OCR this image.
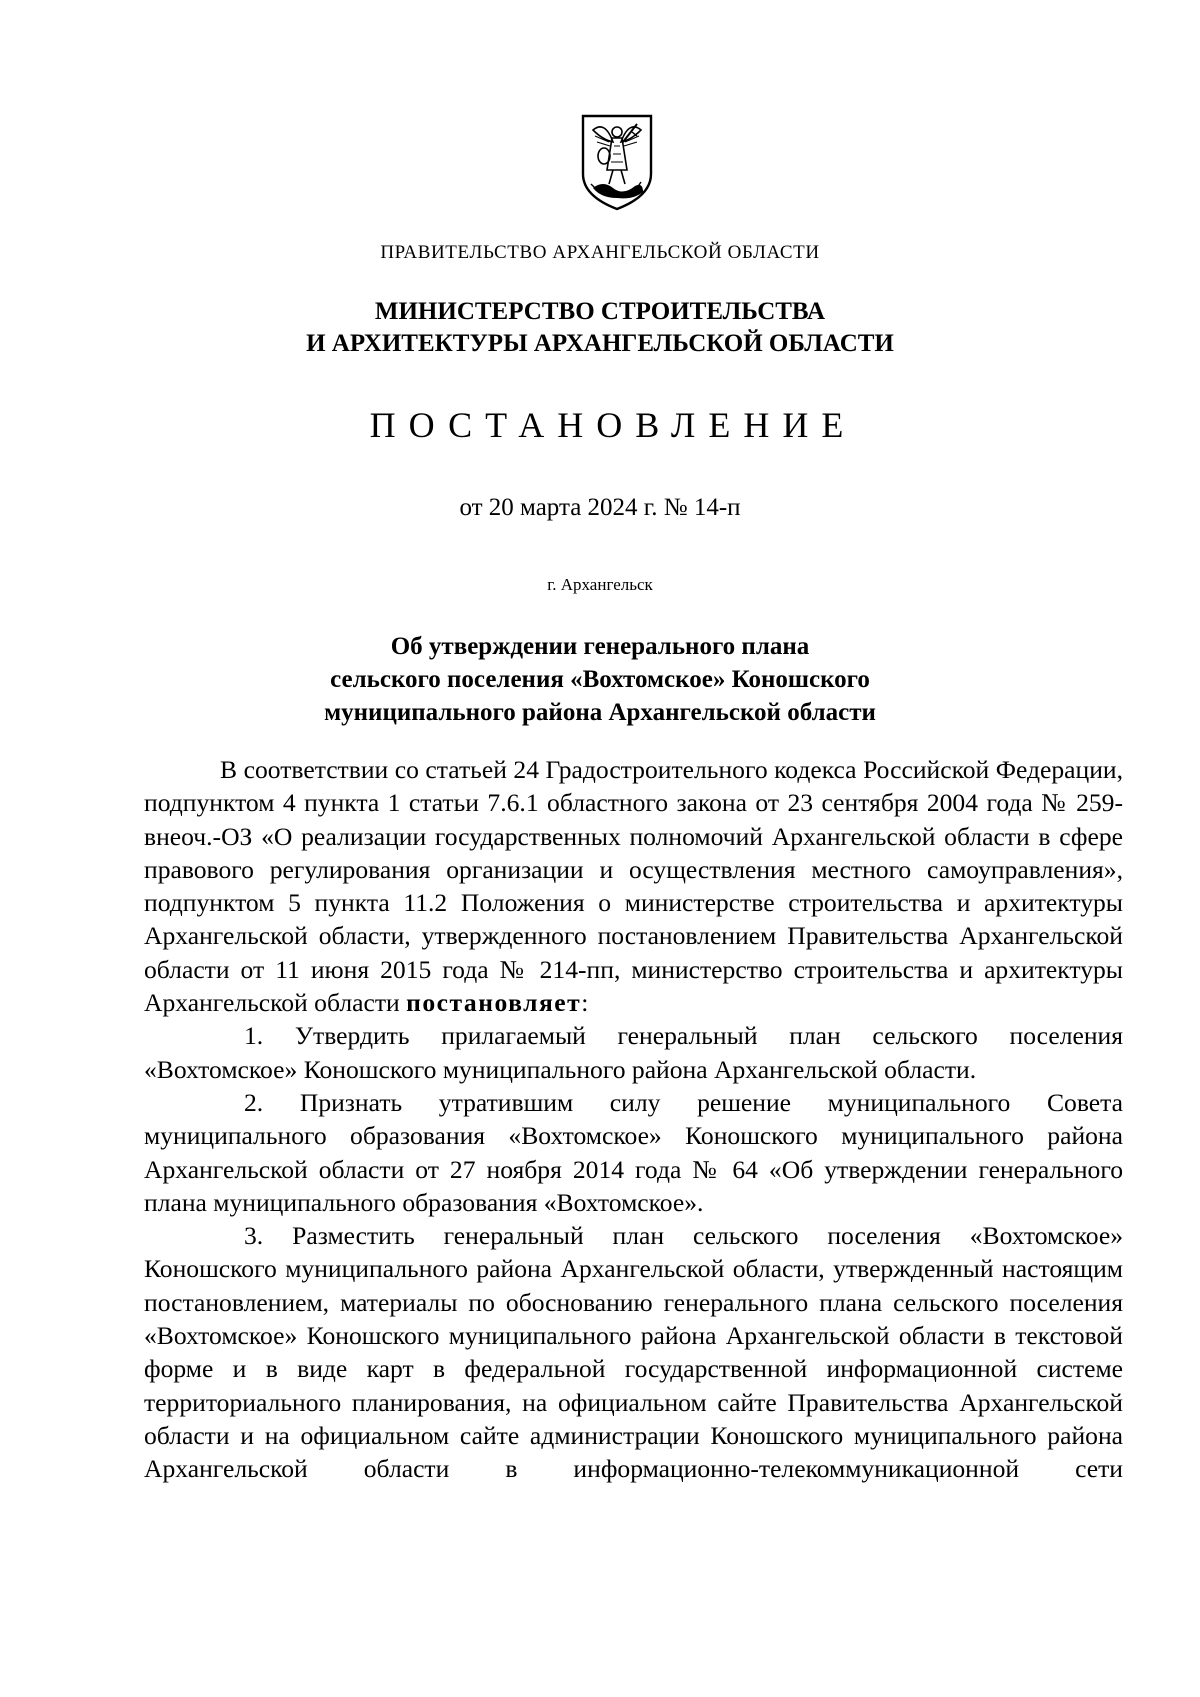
ПРАВИТЕЛЬСТВО АРХАНГЕЛЬСКОЙ ОБЛАСТИ
МИНИСТЕРСТВО СТРОИТЕЛЬСТВА
И АРХИТЕКТУРЫ АРХАНГЕЛЬСКОЙ ОБЛАСТИ
ПОСТАНОВЛЕНИЕ
от 20 марта 2024 г. № 14-п
г. Архангельск
Об утверждении генерального плана
сельского поселения «Вохтомское» Коношского
муниципального района Архангельской области

В соответствии со статьей 24 Градостроительного кодекса Российской Федерации, подпунктом 4 пункта 1 статьи 7.6.1 областного закона от 23 сентября 2004 года № 259-внеоч.-ОЗ «О реализации государственных полномочий Архангельской области в сфере правового регулирования организации и осуществления местного самоуправления», подпунктом 5 пункта 11.2 Положения о министерстве строительства и архитектуры Архангельской области, утвержденного постановлением Правительства Архангельской области от 11 июня 2015 года № 214-пп, министерство строительства и архитектуры Архангельской области постановляет:

1. Утвердить прилагаемый генеральный план сельского поселения «Вохтомское» Коношского муниципального района Архангельской области.

2. Признать утратившим силу решение муниципального Совета муниципального образования «Вохтомское» Коношского муниципального района Архангельской области от 27 ноября 2014 года № 64 «Об утверждении генерального плана муниципального образования «Вохтомское».

3. Разместить генеральный план сельского поселения «Вохтомское» Коношского муниципального района Архангельской области, утвержденный настоящим постановлением, материалы по обоснованию генерального плана сельского поселения «Вохтомское» Коношского муниципального района Архангельской области в текстовой форме и в виде карт в федеральной государственной информационной системе территориального планирования, на официальном сайте Правительства Архангельской области и на официальном сайте администрации Коношского муниципального района Архангельской области в информационно-телекоммуникационной сети
